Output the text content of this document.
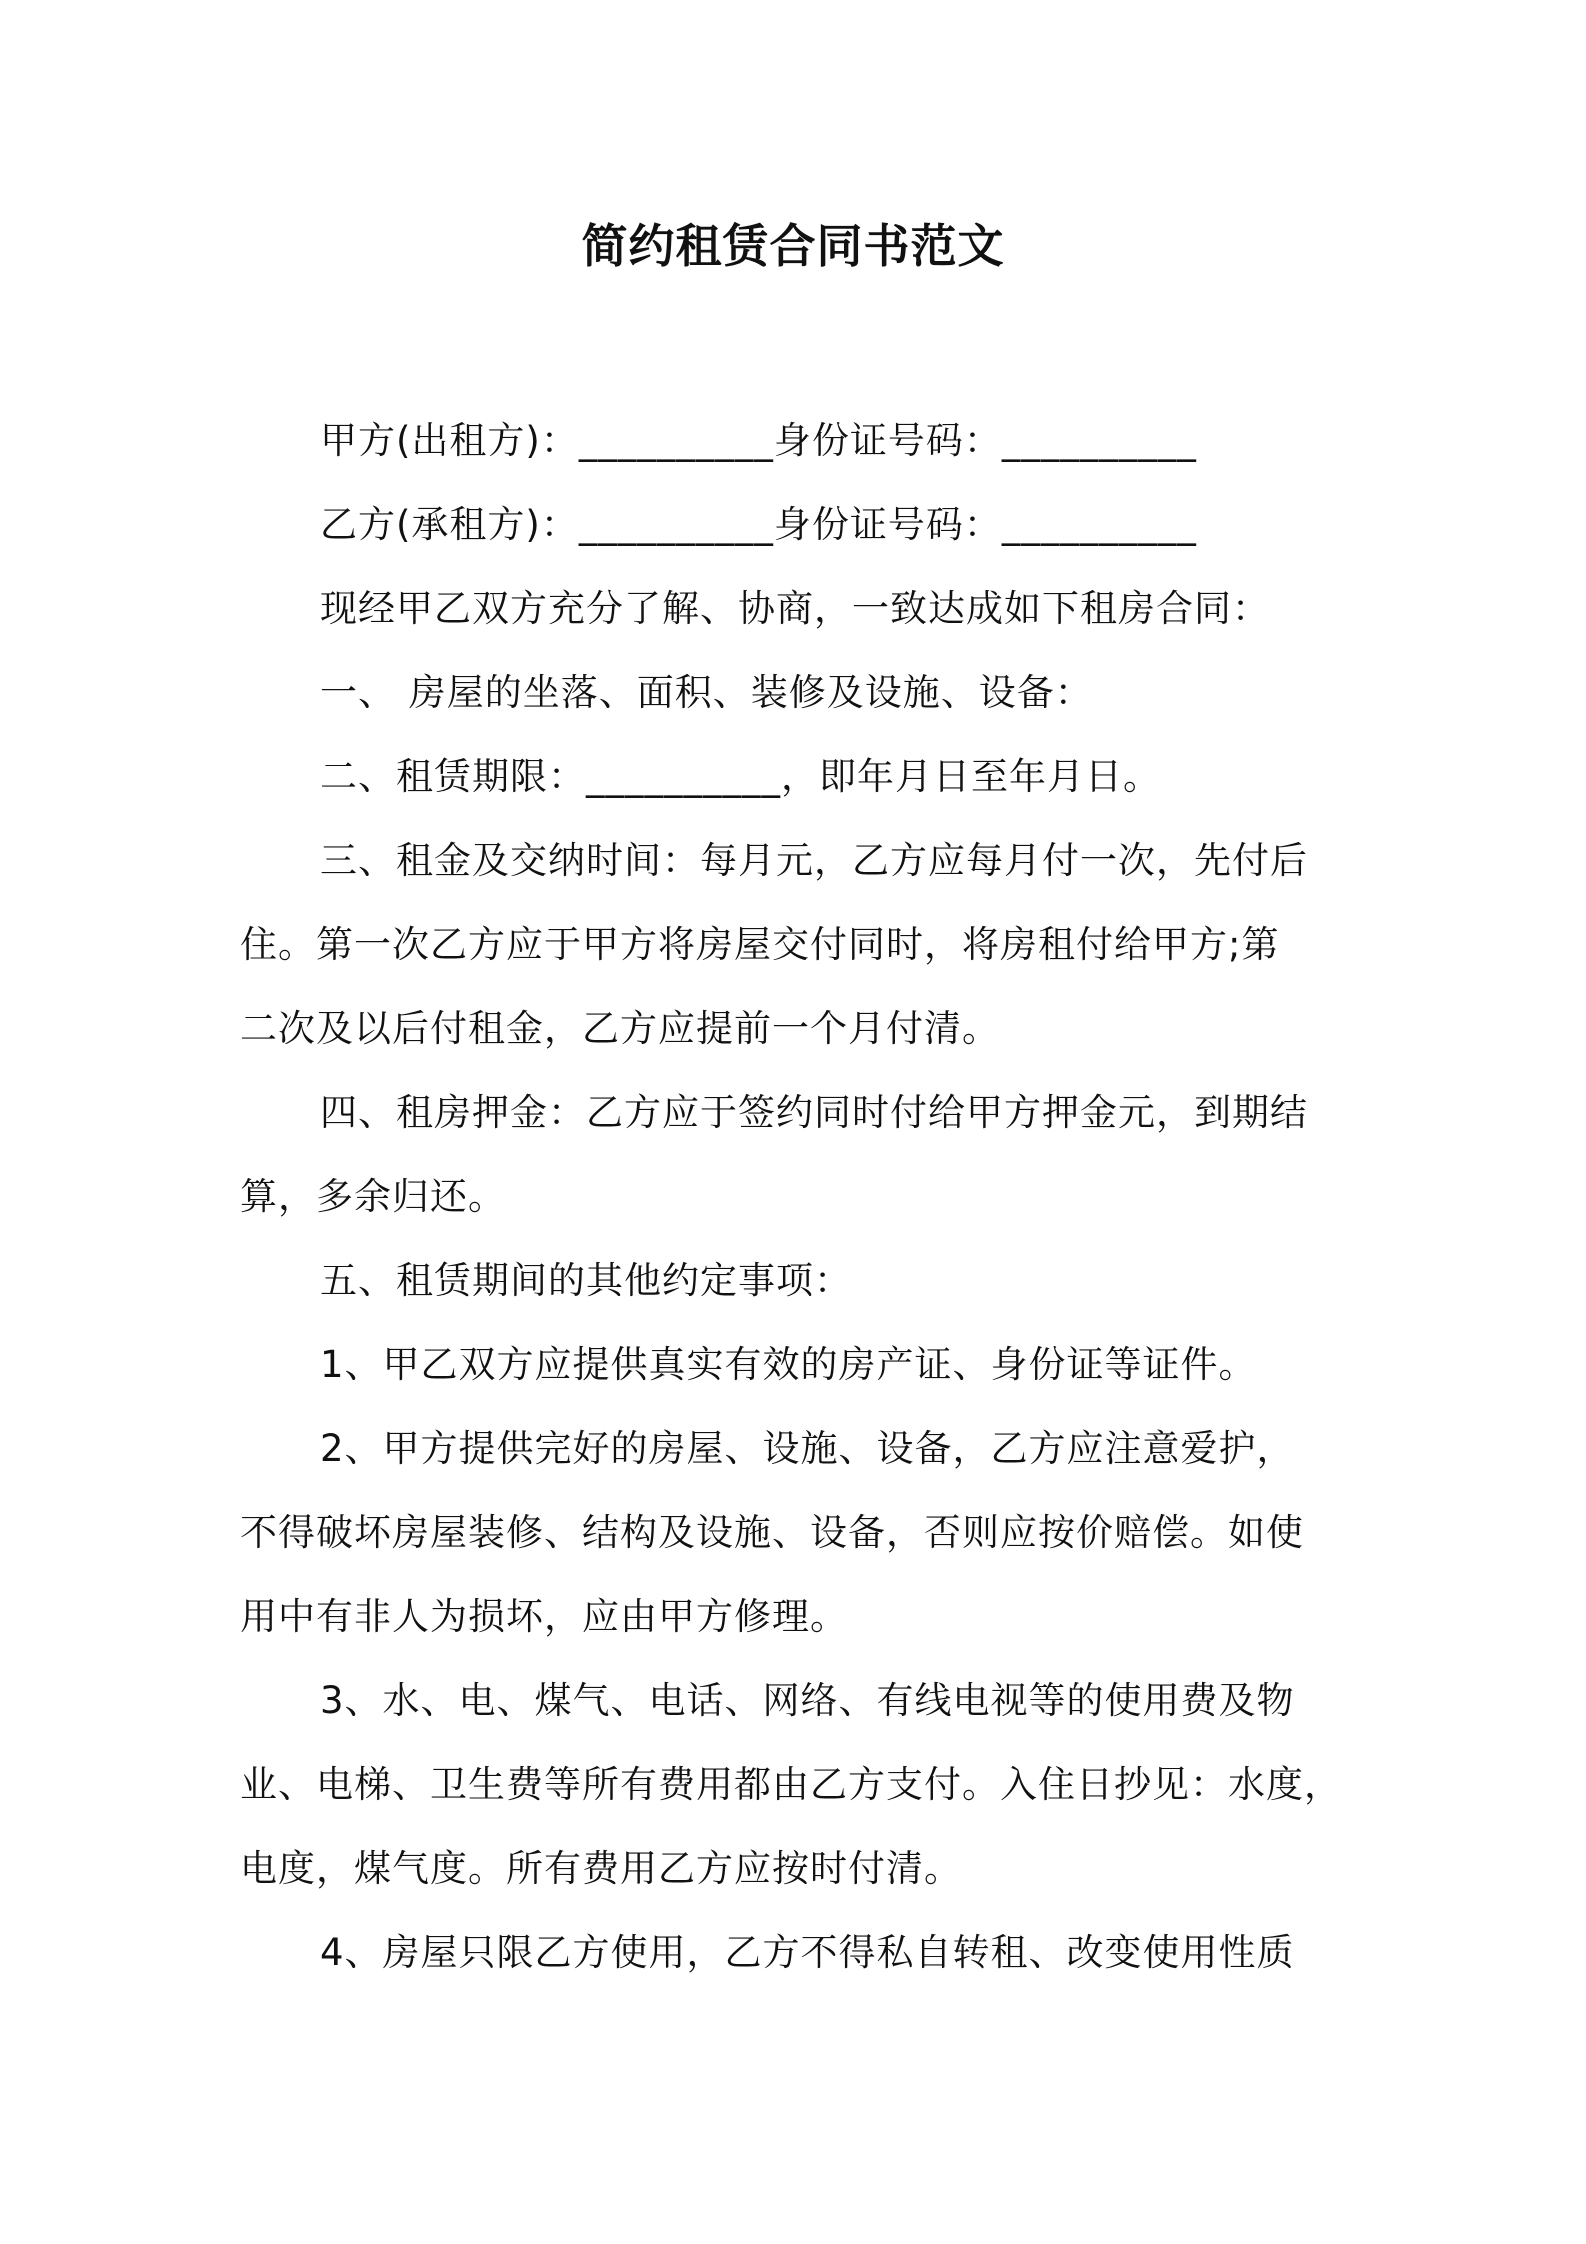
简约租赁合同书范文
甲方(出租方)：__________身份证号码：__________
乙方(承租方)：__________身份证号码：__________
现经甲乙双方充分了解、协商，一致达成如下租房合同：
一、 房屋的坐落、面积、装修及设施、设备：
二、租赁期限：__________，即年月日至年月日。
三、租金及交纳时间：每月元，乙方应每月付一次，先付后
住。第一次乙方应于甲方将房屋交付同时，将房租付给甲方;第
二次及以后付租金，乙方应提前一个月付清。
四、租房押金：乙方应于签约同时付给甲方押金元，到期结
算，多余归还。
五、租赁期间的其他约定事项：
1、甲乙双方应提供真实有效的房产证、身份证等证件。
2、甲方提供完好的房屋、设施、设备，乙方应注意爱护，
不得破坏房屋装修、结构及设施、设备，否则应按价赔偿。如使
用中有非人为损坏，应由甲方修理。
3、水、电、煤气、电话、网络、有线电视等的使用费及物
业、电梯、卫生费等所有费用都由乙方支付。入住日抄见：水度，
电度，煤气度。所有费用乙方应按时付清。
4、房屋只限乙方使用，乙方不得私自转租、改变使用性质
